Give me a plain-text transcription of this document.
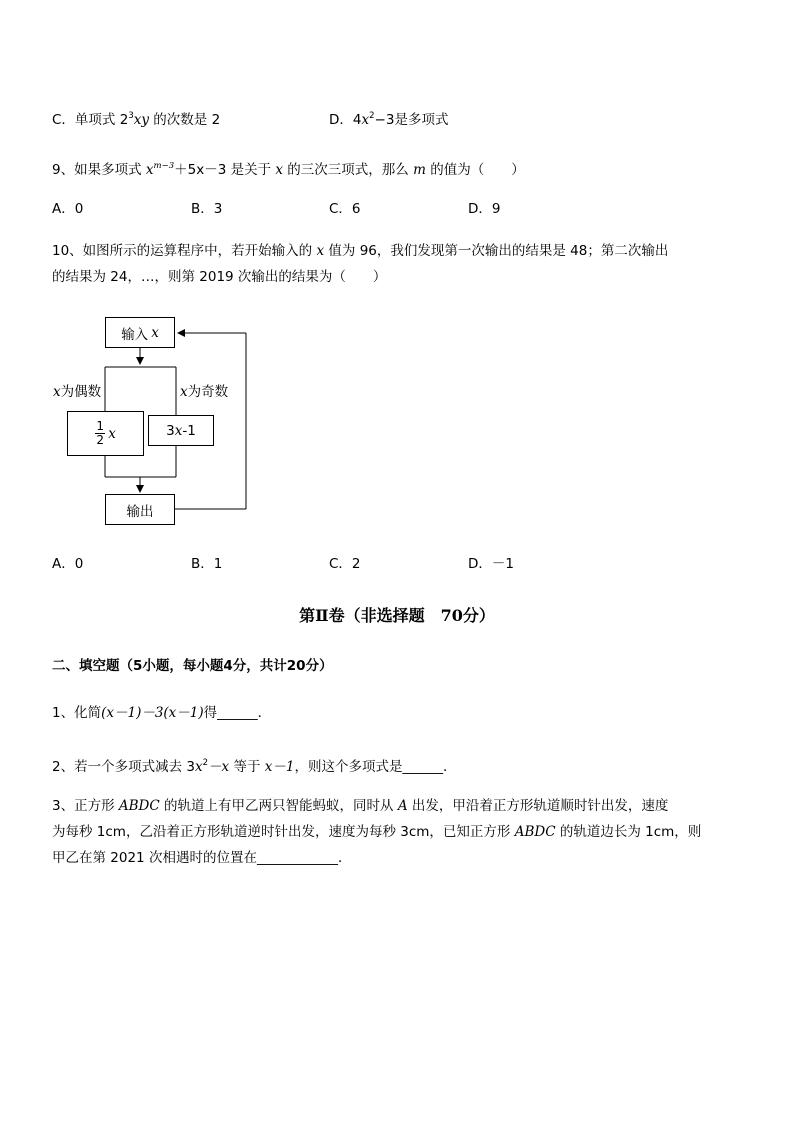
C．单项式 $2^3xy$ 的次数是 2	D．$4x^2-3$是多项式
9、如果多项式 $x^{m-3}+5x-3$ 是关于 x 的三次三项式，那么 m 的值为（　　）
A．0	B．3	C．6	D．9
10、如图所示的运算程序中，若开始输入的 x 值为 96，我们发现第一次输出的结果是 48；第二次输出
的结果为 24，…，则第 2019 次输出的结果为（　　）
输入 x
x为偶数	x为奇数
$\frac{1}{2}$ x	3 x -1
输出
A．0	B．1	C．2	D．－1
第Ⅱ卷（非选择题　70分）
二、填空题（5小题，每小题4分，共计20分）
1、化简(x－1)－3(x－1)得______．
2、若一个多项式减去 $3x^2-x$ 等于 x－1，则这个多项式是______．
3、正方形 ABDC 的轨道上有甲乙两只智能蚂蚁，同时从 A 出发，甲沿着正方形轨道顺时针出发，速度
为每秒 1cm，乙沿着正方形轨道逆时针出发，速度为每秒 3cm，已知正方形 ABDC 的轨道边长为 1cm，则
甲乙在第 2021 次相遇时的位置在____________．
